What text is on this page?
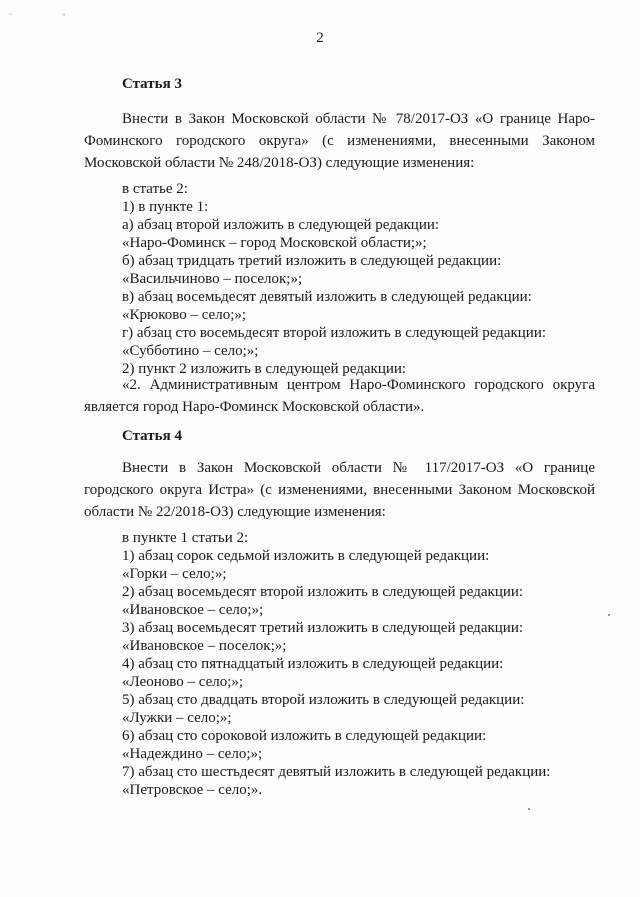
˘	"
2
Статья 3

Внести в Закон Московской области № 78/2017-ОЗ «О границе Наро-Фоминского городского округа» (с изменениями, внесенными Законом Московской области № 248/2018-ОЗ) следующие изменения:

в статье 2:
1) в пункте 1:
а) абзац второй изложить в следующей редакции:
«Наро-Фоминск – город Московской области;»;
б) абзац тридцать третий изложить в следующей редакции:
«Васильчиново – поселок;»;
в) абзац восемьдесят девятый изложить в следующей редакции:
«Крюково – село;»;
г) абзац сто восемьдесят второй изложить в следующей редакции:
«Субботино – село;»;
2) пункт 2 изложить в следующей редакции:

«2. Административным центром Наро-Фоминского городского округа является город Наро-Фоминск Московской области».

Статья 4

Внести в Закон Московской области № 117/2017-ОЗ «О границе городского округа Истра» (с изменениями, внесенными Законом Московской области № 22/2018-ОЗ) следующие изменения:

в пункте 1 статьи 2:
1) абзац сорок седьмой изложить в следующей редакции:
«Горки – село;»;
2) абзац восемьдесят второй изложить в следующей редакции:
«Ивановское – село;»;
3) абзац восемьдесят третий изложить в следующей редакции:
«Ивановское – поселок;»;
4) абзац сто пятнадцатый изложить в следующей редакции:
«Леоново – село;»;
5) абзац сто двадцать второй изложить в следующей редакции:
«Лужки – село;»;
6) абзац сто сороковой изложить в следующей редакции:
«Надеждино – село;»;
7) абзац сто шестьдесят девятый изложить в следующей редакции:
«Петровское – село;».
